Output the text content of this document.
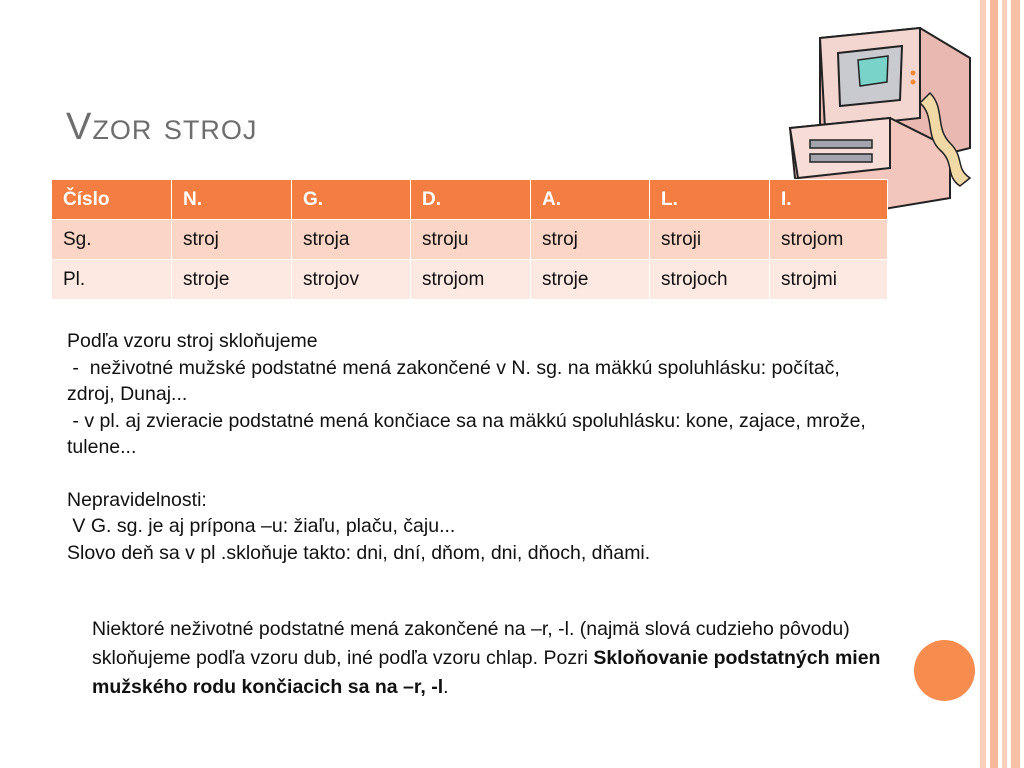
Vzor stroj
Číslo	N.	G.	D.	A.	L.	I.
Sg.	stroj	stroja	stroju	stroj	stroji	strojom
Pl.	stroje	strojov	strojom	stroje	strojoch	strojmi

Podľa vzoru stroj skloňujeme

-  neživotné mužské podstatné mená zakončené v N. sg. na mäkkú spoluhlásku: počítač, zdroj, Dunaj...

- v pl. aj zvieracie podstatné mená končiace sa na mäkkú spoluhlásku: kone, zajace, mrože, tulene...

Nepravidelnosti:

V G. sg. je aj prípona –u: žiaľu, plaču, čaju...

Slovo deň sa v pl .skloňuje takto: dni, dní, dňom, dni, dňoch, dňami.

Niektoré neživotné podstatné mená zakončené na –r, -l. (najmä slová cudzieho pôvodu) skloňujeme podľa vzoru dub, iné podľa vzoru chlap. Pozri Skloňovanie podstatných mien mužského rodu končiacich sa na –r, -l.
